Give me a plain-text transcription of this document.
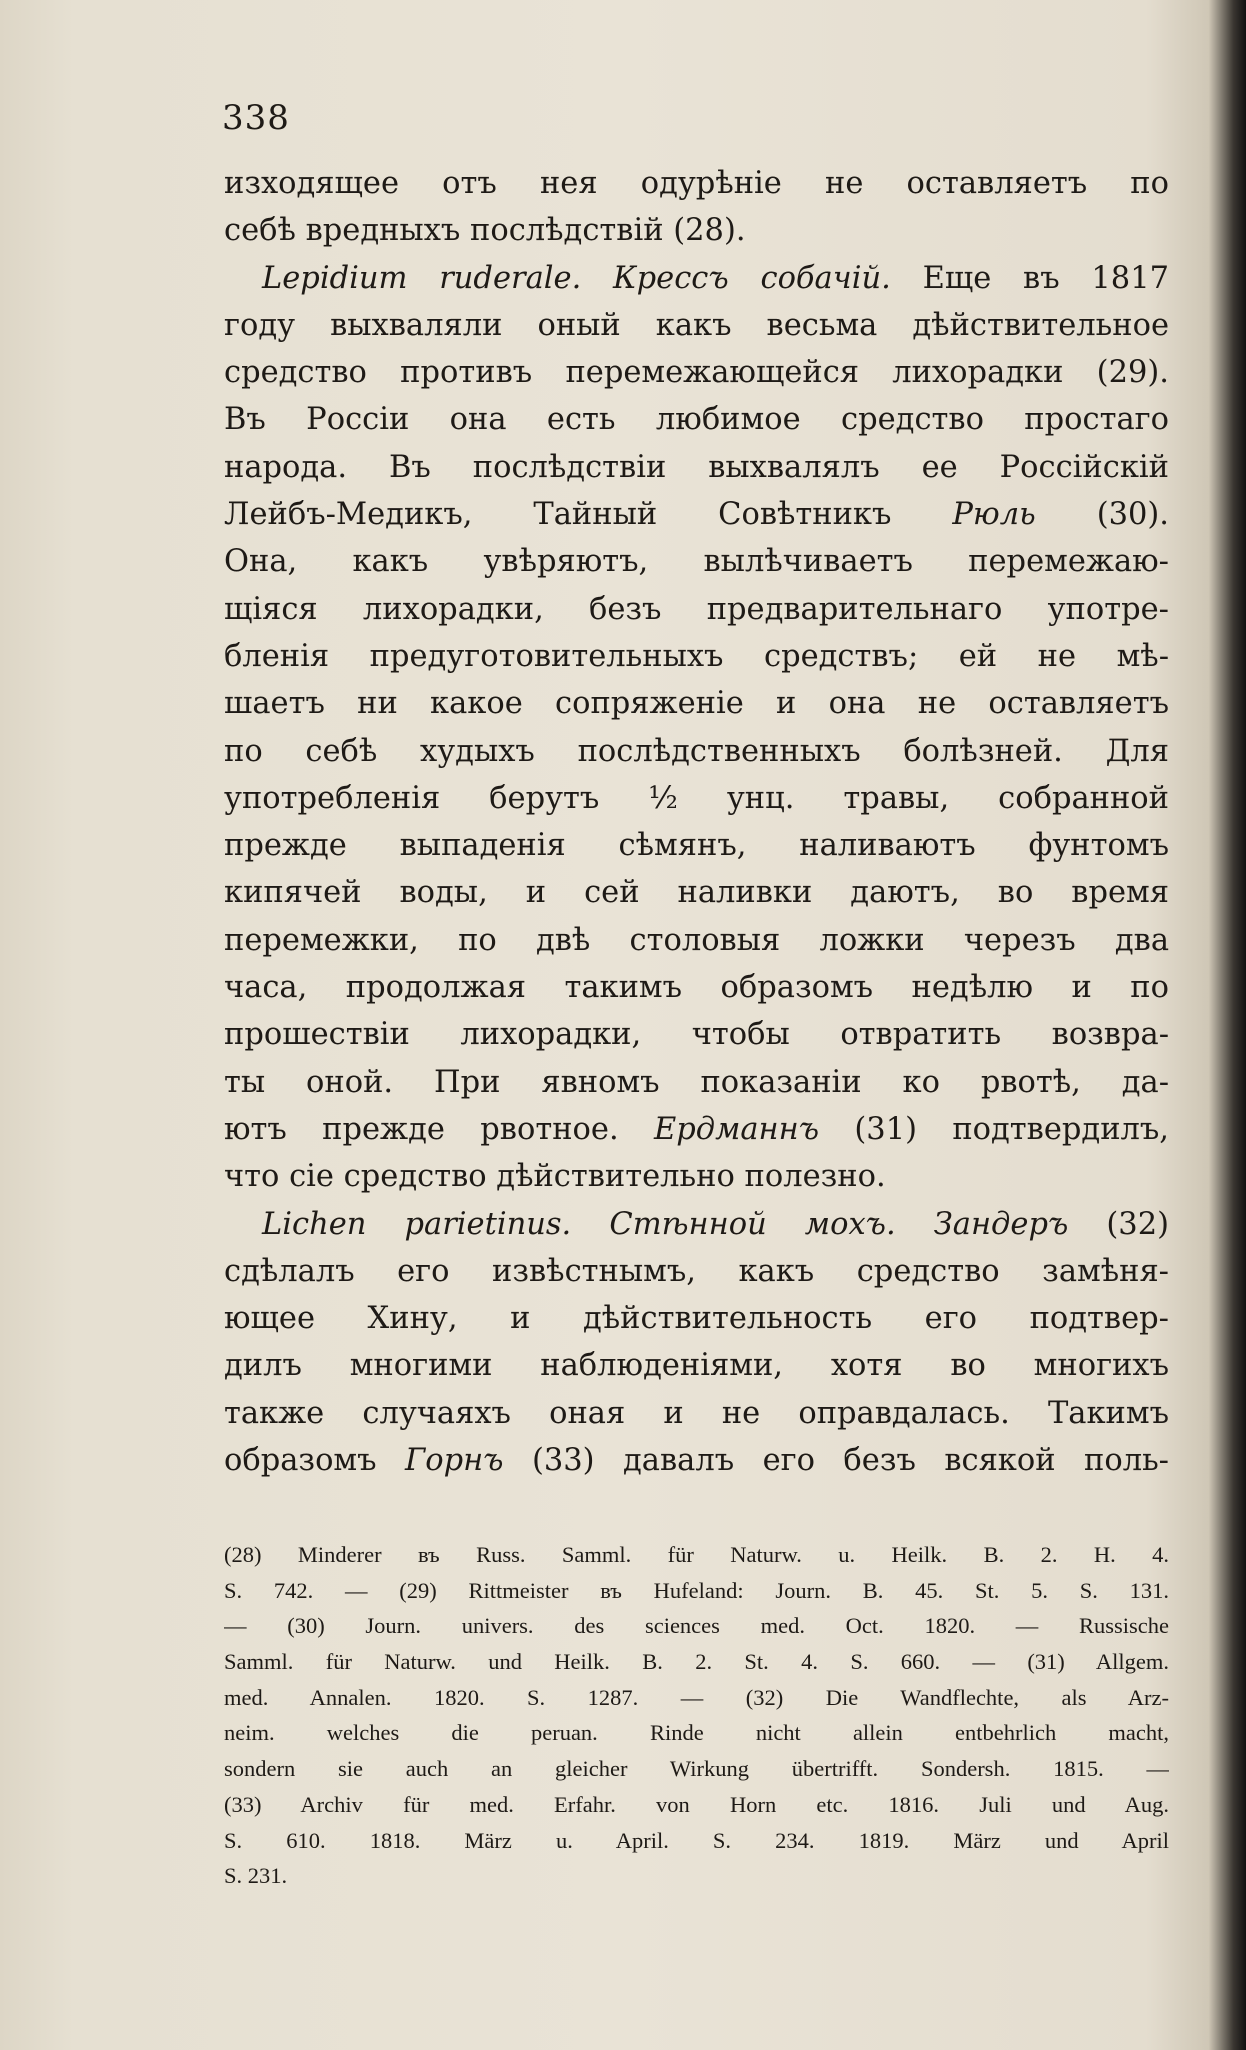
338
изходящее отъ нея одурѣніе не оставляетъ по
себѣ вредныхъ послѣдствій (28).
Lepidium ruderale. Крессъ собачій. Еще въ 1817
году выхваляли оный какъ весьма дѣйствительное
средство противъ перемежающейся лихорадки (29).
Въ Россіи она есть любимое средство простаго
народа. Въ послѣдствіи выхвалялъ ее Россійскій
Лейбъ-Медикъ, Тайный Совѣтникъ Рюль (30).
Она, какъ увѣряютъ, вылѣчиваетъ перемежаю-
щіяся лихорадки, безъ предварительнаго употре-
бленія предуготовительныхъ средствъ; ей не мѣ-
шаетъ ни какое сопряженіе и она не оставляетъ
по себѣ худыхъ послѣдственныхъ болѣзней. Для
употребленія берутъ ½ унц. травы, собранной
прежде выпаденія сѣмянъ, наливаютъ фунтомъ
кипячей воды, и сей наливки даютъ, во время
перемежки, по двѣ столовыя ложки черезъ два
часа, продолжая такимъ образомъ недѣлю и по
прошествіи лихорадки, чтобы отвратить возвра-
ты оной. При явномъ показаніи ко рвотѣ, да-
ютъ прежде рвотное. Ердманнъ (31) подтвердилъ,
что сіе средство дѣйствительно полезно.
Lichen parietinus. Стѣнной мохъ. Зандеръ (32)
сдѣлалъ его извѣстнымъ, какъ средство замѣня-
ющее Хину, и дѣйствительность его подтвер-
дилъ многими наблюденіями, хотя во многихъ
также случаяхъ оная и не оправдалась. Такимъ
образомъ Горнъ (33) давалъ его безъ всякой поль-
(28) Minderer въ Russ. Samml. für Naturw. u. Heilk. B. 2. H. 4.
S. 742. — (29) Rittmeister въ Hufeland: Journ. B. 45. St. 5. S. 131.
— (30) Journ. univers. des sciences med. Oct. 1820. — Russische
Samml. für Naturw. und Heilk. B. 2. St. 4. S. 660. — (31) Allgem.
med. Annalen. 1820. S. 1287. — (32) Die Wandflechte, als Arz-
neim. welches die peruan. Rinde nicht allein entbehrlich macht,
sondern sie auch an gleicher Wirkung übertrifft. Sondersh. 1815. —
(33) Archiv für med. Erfahr. von Horn etc. 1816. Juli und Aug.
S. 610. 1818. März u. April. S. 234. 1819. März und April
S. 231.
